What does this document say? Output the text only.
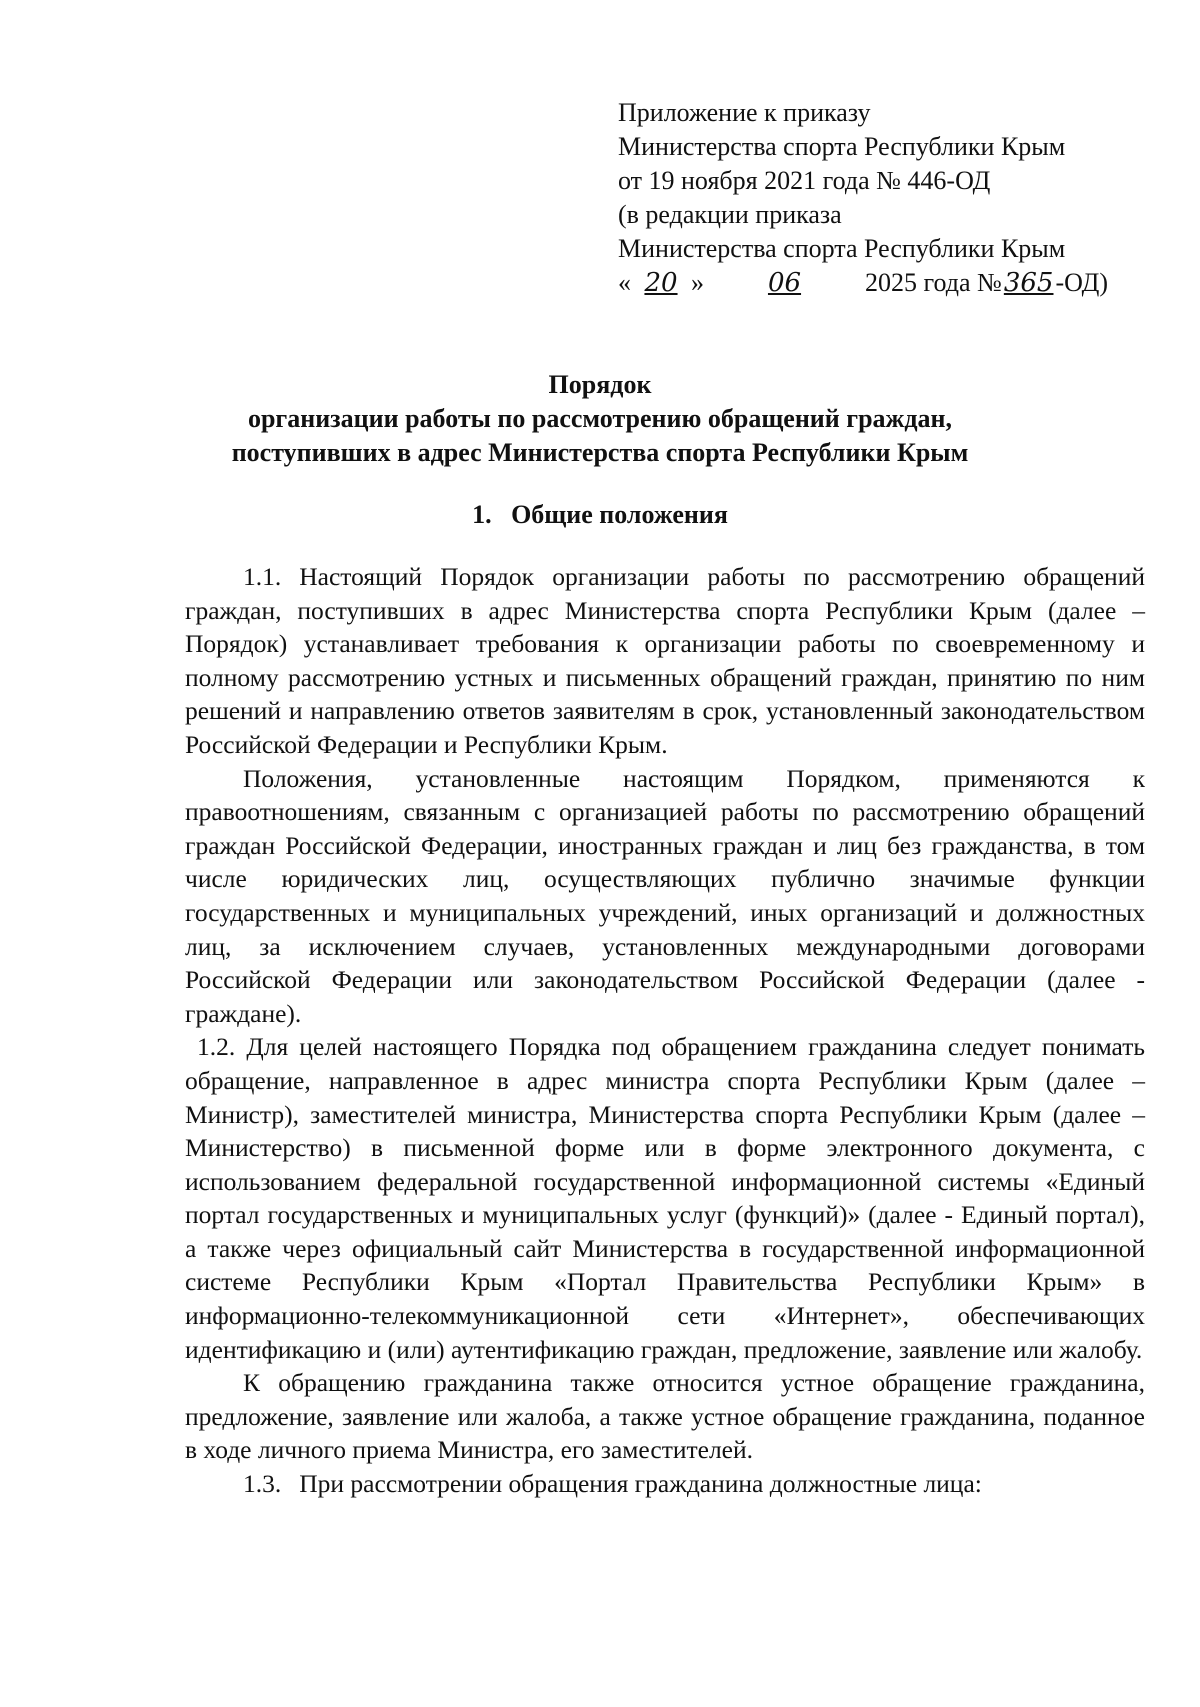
Приложение к приказу
Министерства спорта Республики Крым
от 19 ноября 2021 года № 446-ОД
(в редакции приказа
Министерства спорта Республики Крым
« 20 » 06 2025 года №365-ОД)
Порядок
организации работы по рассмотрению обращений граждан,
поступивших в адрес Министерства спорта Республики Крым
1. Общие положения

1.1. Настоящий Порядок организации работы по рассмотрению обращений граждан, поступивших в адрес Министерства спорта Республики Крым (далее – Порядок) устанавливает требования к организации работы по своевременному и полному рассмотрению устных и письменных обращений граждан, принятию по ним решений и направлению ответов заявителям в срок, установленный законодательством Российской Федерации и Республики Крым.

Положения, установленные настоящим Порядком, применяются к правоотношениям, связанным с организацией работы по рассмотрению обращений граждан Российской Федерации, иностранных граждан и лиц без гражданства, в том числе юридических лиц, осуществляющих публично значимые функции государственных и муниципальных учреждений, иных организаций и должностных лиц, за исключением случаев, установленных международными договорами Российской Федерации или законодательством Российской Федерации (далее - граждане).

1.2. Для целей настоящего Порядка под обращением гражданина следует понимать обращение, направленное в адрес министра спорта Республики Крым (далее – Министр), заместителей министра, Министерства спорта Республики Крым (далее – Министерство) в письменной форме или в форме электронного документа, с использованием федеральной государственной информационной системы «Единый портал государственных и муниципальных услуг (функций)» (далее - Единый портал), а также через официальный сайт Министерства в государственной информационной системе Республики Крым «Портал Правительства Республики Крым» в информационно-телекоммуникационной сети «Интернет», обеспечивающих идентификацию и (или) аутентификацию граждан, предложение, заявление или жалобу.

К обращению гражданина также относится устное обращение гражданина, предложение, заявление или жалоба, а также устное обращение гражданина, поданное в ходе личного приема Министра, его заместителей.

1.3. При рассмотрении обращения гражданина должностные лица:
